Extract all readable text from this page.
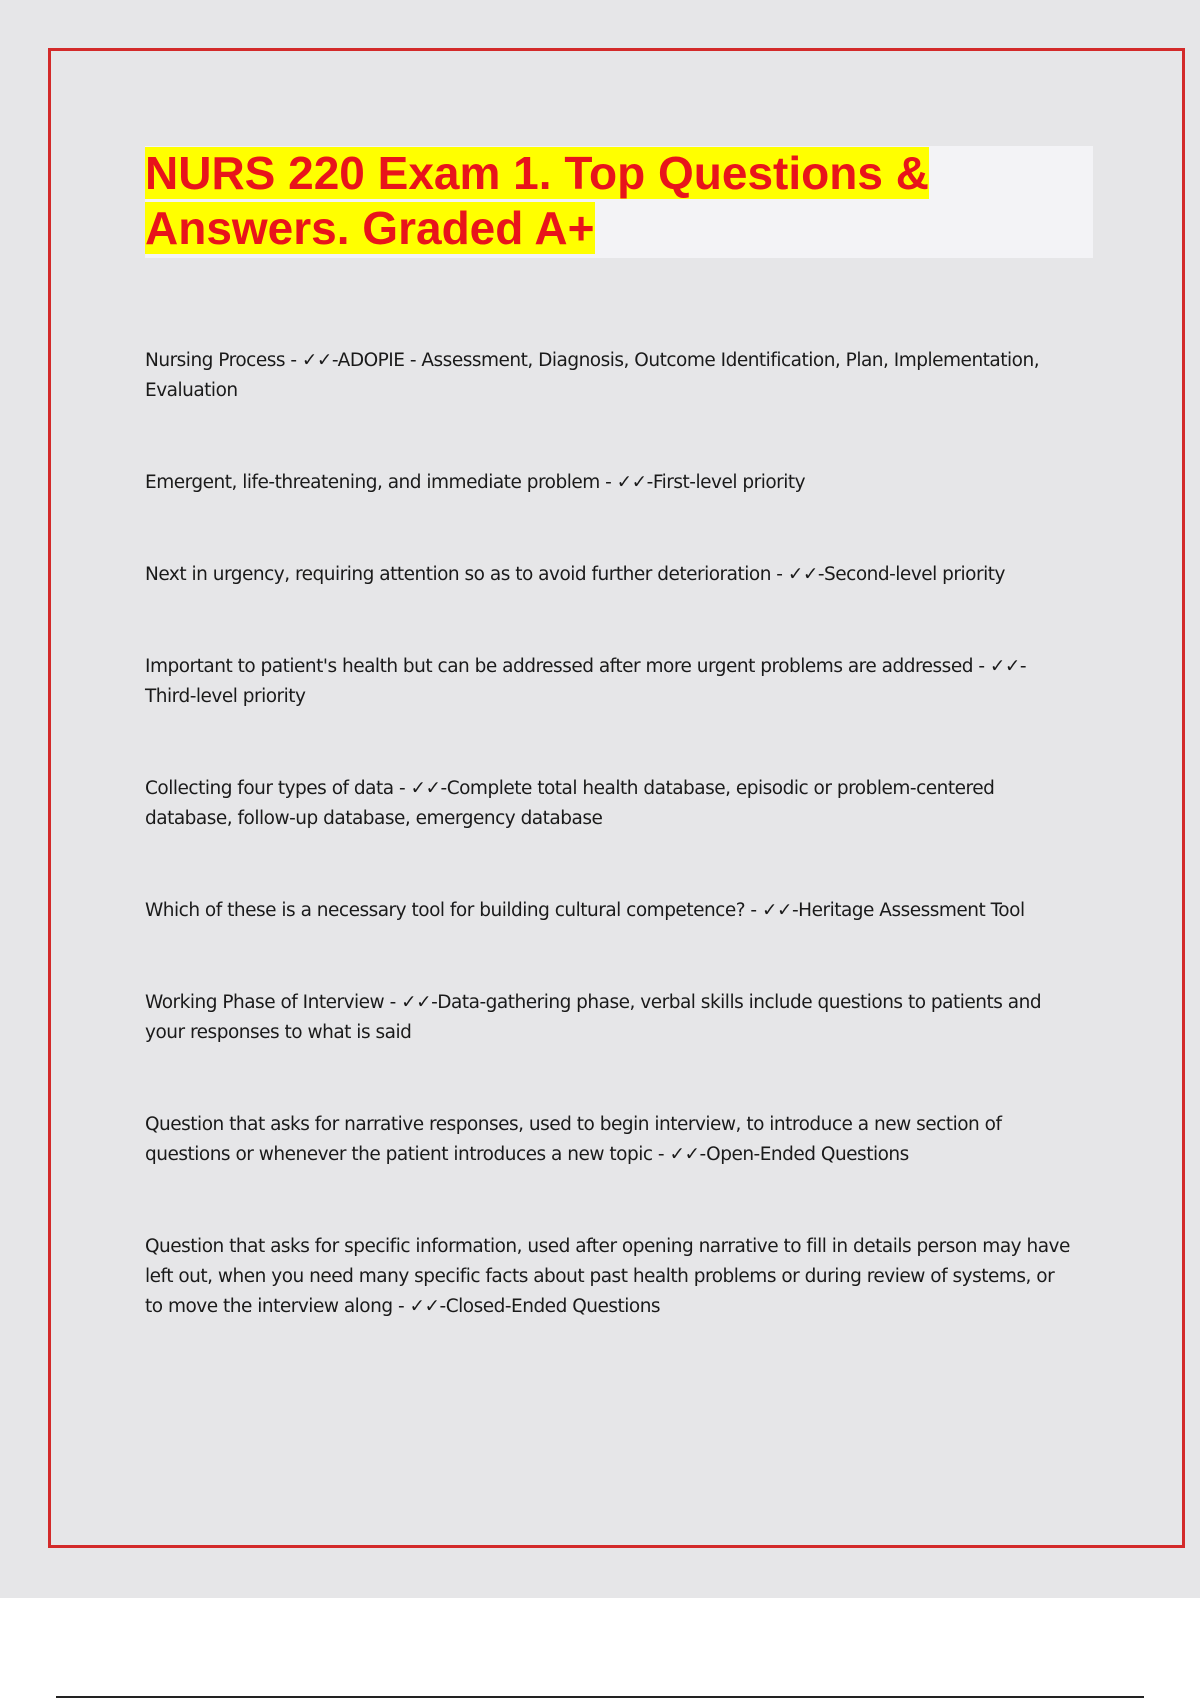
NURS 220 Exam 1. Top Questions & Answers. Graded A+
Nursing Process - ✓✓-ADOPIE - Assessment, Diagnosis, Outcome Identification, Plan, Implementation, Evaluation
Emergent, life-threatening, and immediate problem - ✓✓-First-level priority
Next in urgency, requiring attention so as to avoid further deterioration - ✓✓-Second-level priority
Important to patient's health but can be addressed after more urgent problems are addressed - ✓✓-Third-level priority
Collecting four types of data - ✓✓-Complete total health database, episodic or problem-centered database, follow-up database, emergency database
Which of these is a necessary tool for building cultural competence? - ✓✓-Heritage Assessment Tool
Working Phase of Interview - ✓✓-Data-gathering phase, verbal skills include questions to patients and your responses to what is said
Question that asks for narrative responses, used to begin interview, to introduce a new section of questions or whenever the patient introduces a new topic - ✓✓-Open-Ended Questions
Question that asks for specific information, used after opening narrative to fill in details person may have left out, when you need many specific facts about past health problems or during review of systems, or to move the interview along - ✓✓-Closed-Ended Questions
